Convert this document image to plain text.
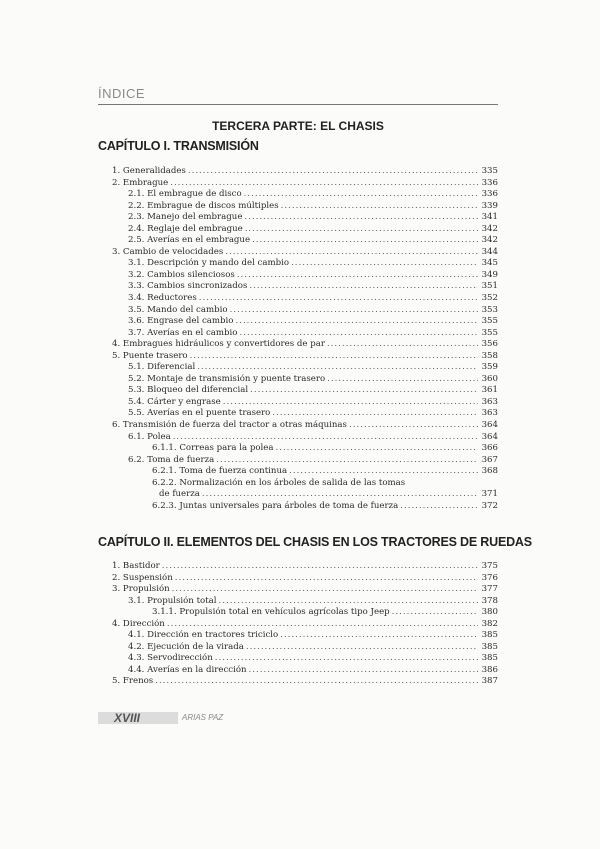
ÍNDICE
TERCERA PARTE: EL CHASIS
CAPÍTULO I. TRANSMISIÓN
1. Generalidades .....	335
2. Embrague .....	336
2.1. El embrague de disco .....	336
2.2. Embrague de discos múltiples .....	339
2.3. Manejo del embrague .....	341
2.4. Reglaje del embrague .....	342
2.5. Averías en el embrague .....	342
3. Cambio de velocidades .....	344
3.1. Descripción y mando del cambio .....	345
3.2. Cambios silenciosos .....	349
3.3. Cambios sincronizados .....	351
3.4. Reductores .....	352
3.5. Mando del cambio .....	353
3.6. Engrase del cambio .....	355
3.7. Averías en el cambio .....	355
4. Embragues hidráulicos y convertidores de par .....	356
5. Puente trasero .....	358
5.1. Diferencial .....	359
5.2. Montaje de transmisión y puente trasero .....	360
5.3. Bloqueo del diferencial .....	361
5.4. Cárter y engrase .....	363
5.5. Averías en el puente trasero .....	363
6. Transmisión de fuerza del tractor a otras máquinas .....	364
6.1. Polea .....	364
6.1.1. Correas para la polea .....	366
6.2. Toma de fuerza .....	367
6.2.1. Toma de fuerza continua .....	368
6.2.2. Normalización en los árboles de salida de las tomas
de fuerza .....	371
6.2.3. Juntas universales para árboles de toma de fuerza .....	372
CAPÍTULO II. ELEMENTOS DEL CHASIS EN LOS TRACTORES DE RUEDAS
1. Bastidor .....	375
2. Suspensión .....	376
3. Propulsión .....	377
3.1. Propulsión total .....	378
3.1.1. Propulsión total en vehículos agrícolas tipo Jeep .....	380
4. Dirección .....	382
4.1. Dirección en tractores triciclo .....	385
4.2. Ejecución de la virada .....	385
4.3. Servodirección .....	385
4.4. Averías en la dirección .....	386
5. Frenos .....	387
XVIII	ARIAS PAZ
